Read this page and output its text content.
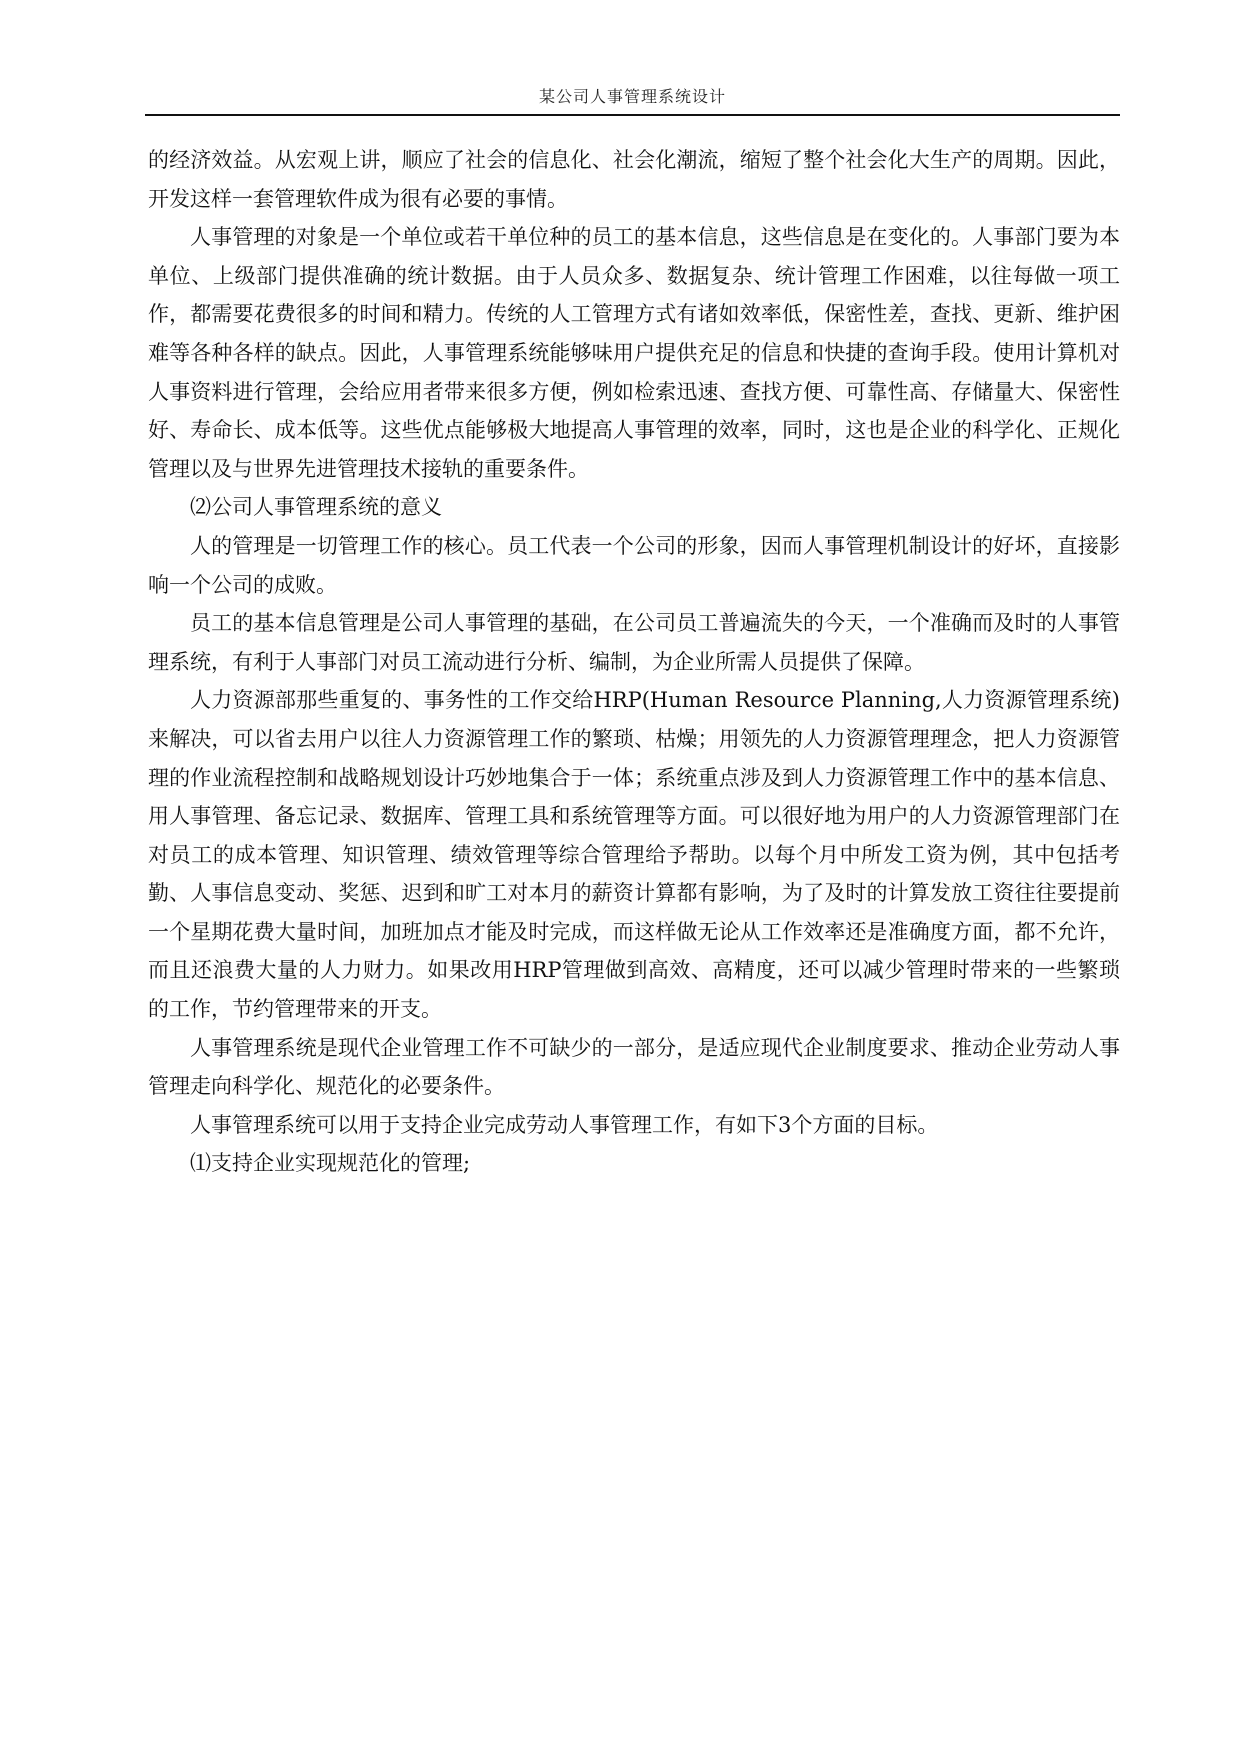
某公司人事管理系统设计

的经济效益。从宏观上讲，顺应了社会的信息化、社会化潮流，缩短了整个社会化大生产的周期。因此，开发这样一套管理软件成为很有必要的事情。

人事管理的对象是一个单位或若干单位种的员工的基本信息，这些信息是在变化的。人事部门要为本单位、上级部门提供准确的统计数据。由于人员众多、数据复杂、统计管理工作困难，以往每做一项工作，都需要花费很多的时间和精力。传统的人工管理方式有诸如效率低，保密性差，查找、更新、维护困难等各种各样的缺点。因此，人事管理系统能够味用户提供充足的信息和快捷的查询手段。使用计算机对人事资料进行管理，会给应用者带来很多方便，例如检索迅速、查找方便、可靠性高、存储量大、保密性好、寿命长、成本低等。这些优点能够极大地提高人事管理的效率，同时，这也是企业的科学化、正规化管理以及与世界先进管理技术接轨的重要条件。

⑵公司人事管理系统的意义

人的管理是一切管理工作的核心。员工代表一个公司的形象，因而人事管理机制设计的好坏，直接影响一个公司的成败。

员工的基本信息管理是公司人事管理的基础，在公司员工普遍流失的今天，一个准确而及时的人事管理系统，有利于人事部门对员工流动进行分析、编制，为企业所需人员提供了保障。

人力资源部那些重复的、事务性的工作交给HRP(Human Resource Planning,人力资源管理系统)来解决，可以省去用户以往人力资源管理工作的繁琐、枯燥；用领先的人力资源管理理念，把人力资源管理的作业流程控制和战略规划设计巧妙地集合于一体；系统重点涉及到人力资源管理工作中的基本信息、用人事管理、备忘记录、数据库、管理工具和系统管理等方面。可以很好地为用户的人力资源管理部门在对员工的成本管理、知识管理、绩效管理等综合管理给予帮助。以每个月中所发工资为例，其中包括考勤、人事信息变动、奖惩、迟到和旷工对本月的薪资计算都有影响，为了及时的计算发放工资往往要提前一个星期花费大量时间，加班加点才能及时完成，而这样做无论从工作效率还是准确度方面，都不允许，而且还浪费大量的人力财力。如果改用HRP管理做到高效、高精度，还可以减少管理时带来的一些繁琐的工作，节约管理带来的开支。

人事管理系统是现代企业管理工作不可缺少的一部分，是适应现代企业制度要求、推动企业劳动人事管理走向科学化、规范化的必要条件。

人事管理系统可以用于支持企业完成劳动人事管理工作，有如下3个方面的目标。

⑴支持企业实现规范化的管理;
